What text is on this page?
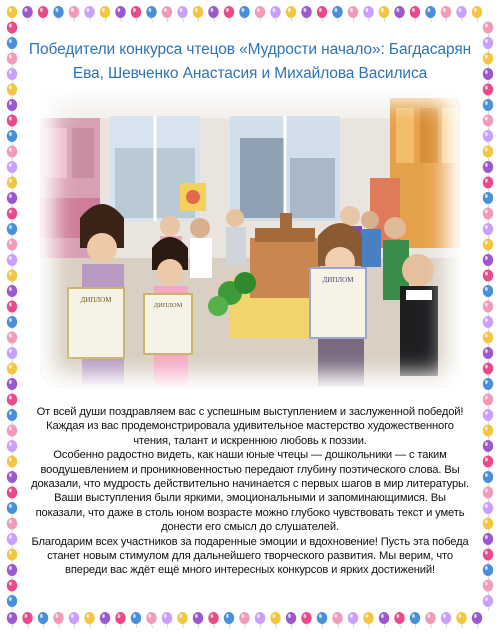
Победители конкурса чтецов «Мудрости начало»: Багдасарян Ева, Шевченко Анастасия и Михайлова Василиса
ДИПЛОМ
ДИПЛОМ
ДИПЛОМ

От всей души поздравляем вас с успешным выступлением и заслуженной победой! Каждая из вас продемонстрировала удивительное мастерство художественного чтения, талант и искреннюю любовь к поэзии.

Особенно радостно видеть, как наши юные чтецы — дошкольники — с таким воодушевлением и проникновенностью передают глубину поэтического слова. Вы доказали, что мудрость действительно начинается с первых шагов в мир литературы. Ваши выступления были яркими, эмоциональными и запоминающимися. Вы показали, что даже в столь юном возрасте можно глубоко чувствовать текст и уметь донести его смысл до слушателей.

Благодарим всех участников за подаренные эмоции и вдохновение! Пусть эта победа станет новым стимулом для дальнейшего творческого развития. Мы верим, что впереди вас ждёт ещё много интересных конкурсов и ярких достижений!
